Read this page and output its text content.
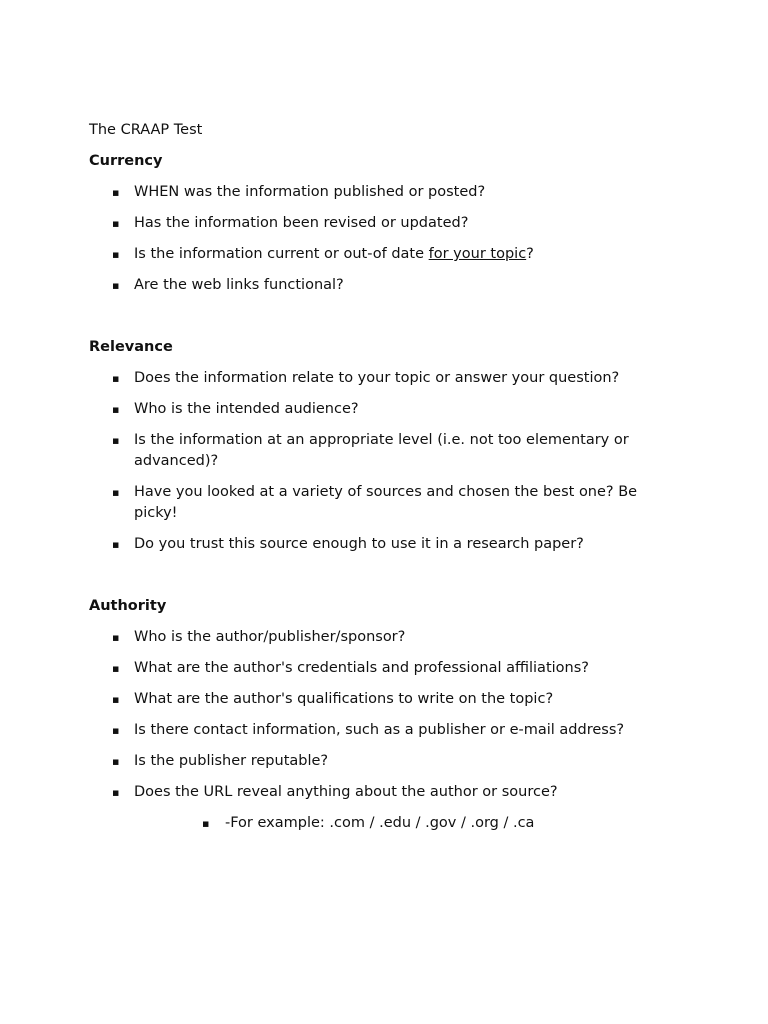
The CRAAP Test
Currency
▪ WHEN was the information published or posted?
▪ Has the information been revised or updated?
▪ Is the information current or out-of date for your topic?
▪ Are the web links functional?
Relevance
▪ Does the information relate to your topic or answer your question?
▪ Who is the intended audience?
▪ Is the information at an appropriate level (i.e. not too elementary or advanced)?
▪ Have you looked at a variety of sources and chosen the best one? Be picky!
▪ Do you trust this source enough to use it in a research paper?
Authority
▪ Who is the author/publisher/sponsor?
▪ What are the author's credentials and professional affiliations?
▪ What are the author's qualifications to write on the topic?
▪ Is there contact information, such as a publisher or e-mail address?
▪ Is the publisher reputable?
▪ Does the URL reveal anything about the author or source?
▪ -For example: .com / .edu / .gov / .org / .ca
